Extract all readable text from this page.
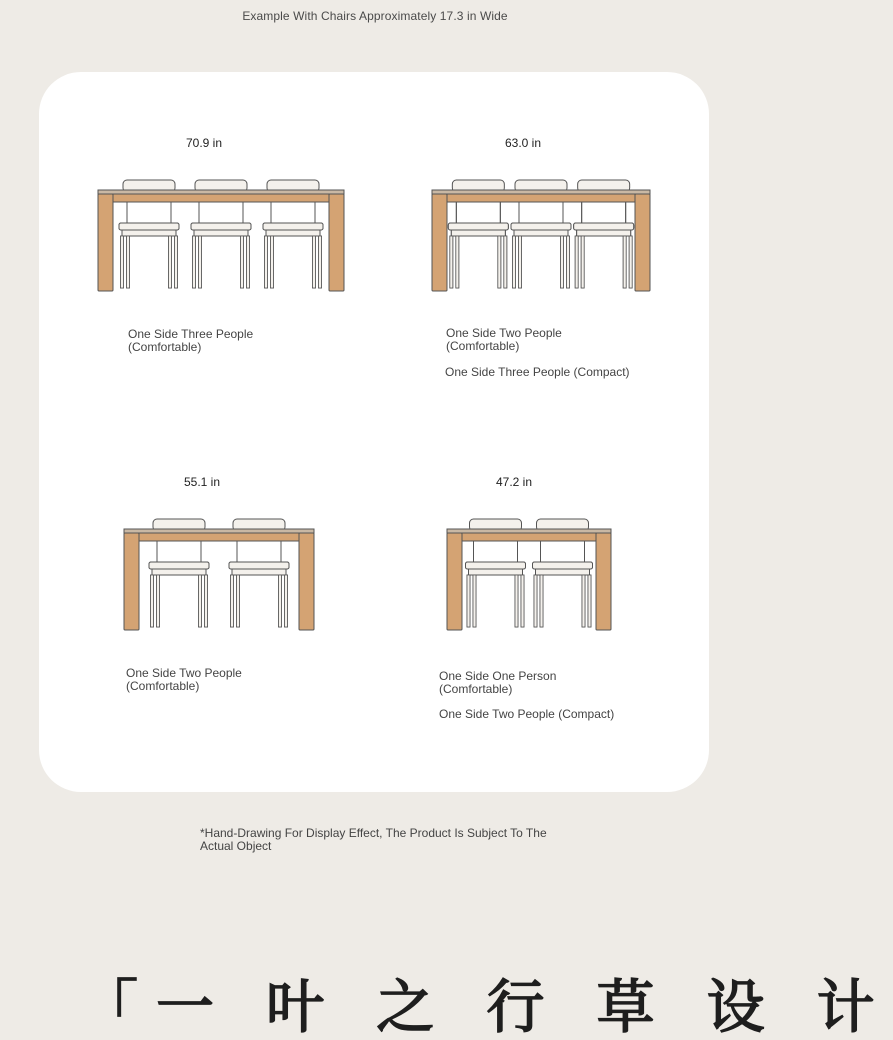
Example With Chairs Approximately 17.3 in Wide
70.9 in
One Side Three People
(Comfortable)
63.0 in
One Side Two People
(Comfortable)
One Side Three People (Compact)
55.1 in
One Side Two People
(Comfortable)
47.2 in
One Side One Person
(Comfortable)
One Side Two People (Compact)
*Hand-Drawing For Display Effect, The Product Is Subject To The Actual Object
「一 叶 之 行 草 设 计
